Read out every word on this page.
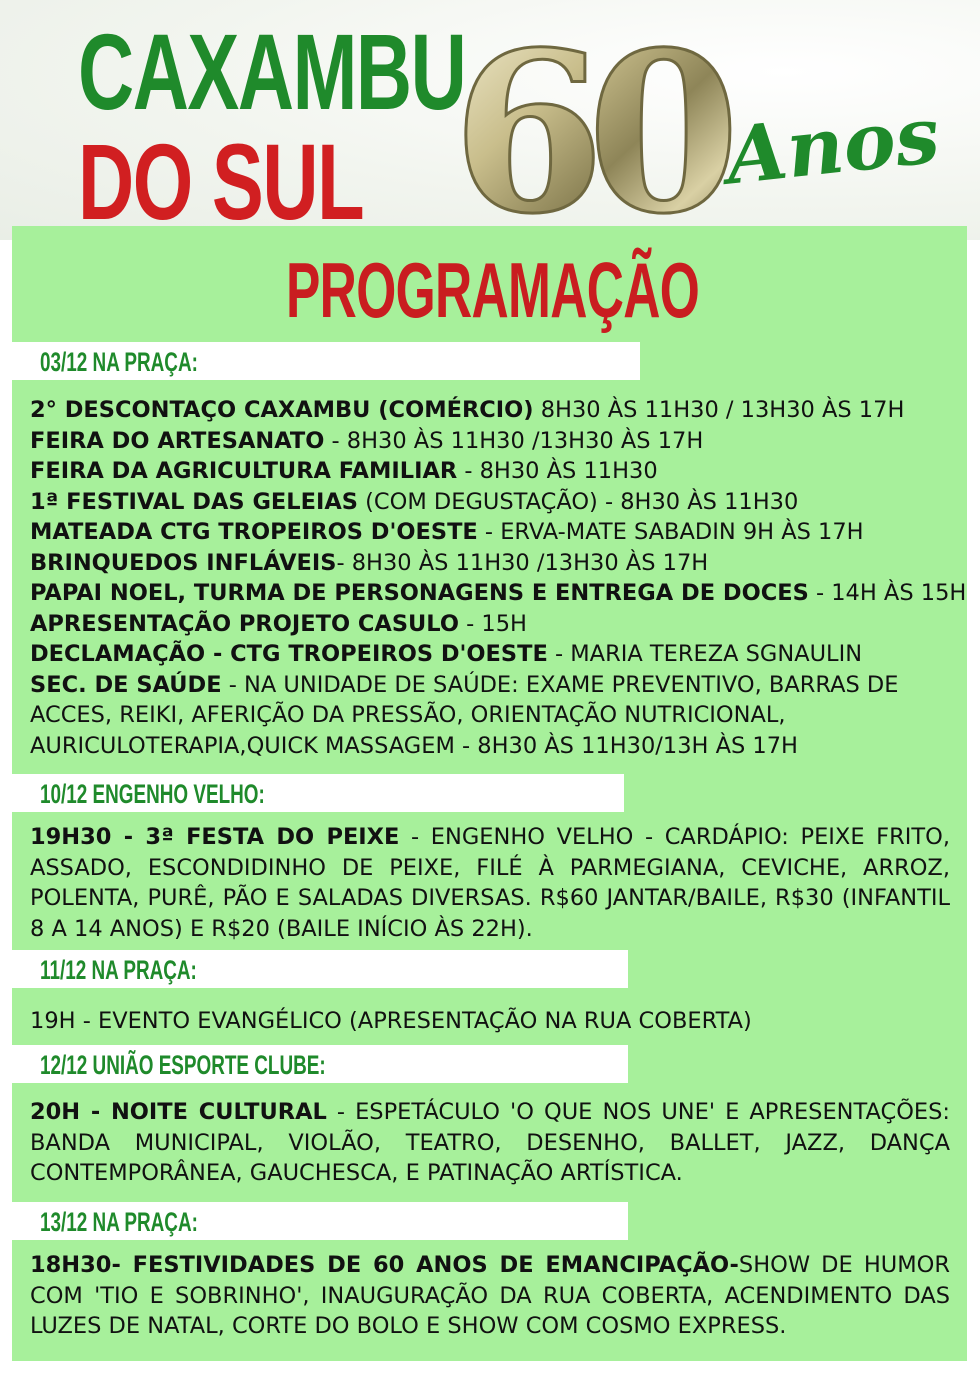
CAXAMBU
DO SUL 60 Anos
PROGRAMAÇÃO
03/12 NA PRAÇA:
2° DESCONTAÇO CAXAMBU (COMÉRCIO) 8H30 ÀS 11H30 / 13H30 ÀS 17H
FEIRA DO ARTESANATO - 8H30 ÀS 11H30 /13H30 ÀS 17H
FEIRA DA AGRICULTURA FAMILIAR - 8H30 ÀS 11H30
1ª FESTIVAL DAS GELEIAS (COM DEGUSTAÇÃO) - 8H30 ÀS 11H30
MATEADA CTG TROPEIROS D'OESTE - ERVA-MATE SABADIN 9H ÀS 17H
BRINQUEDOS INFLÁVEIS- 8H30 ÀS 11H30 /13H30 ÀS 17H
PAPAI NOEL, TURMA DE PERSONAGENS E ENTREGA DE DOCES - 14H ÀS 15H
APRESENTAÇÃO PROJETO CASULO - 15H
DECLAMAÇÃO - CTG TROPEIROS D'OESTE - MARIA TEREZA SGNAULIN
SEC. DE SAÚDE - NA UNIDADE DE SAÚDE: EXAME PREVENTIVO, BARRAS DE
ACCES, REIKI, AFERIÇÃO DA PRESSÃO, ORIENTAÇÃO NUTRICIONAL,
AURICULOTERAPIA,QUICK MASSAGEM - 8H30 ÀS 11H30/13H ÀS 17H
10/12 ENGENHO VELHO:
19H30 - 3ª FESTA DO PEIXE - ENGENHO VELHO - CARDÁPIO: PEIXE FRITO, ASSADO, ESCONDIDINHO DE PEIXE, FILÉ À PARMEGIANA, CEVICHE, ARROZ, POLENTA, PURÊ, PÃO E SALADAS DIVERSAS. R$60 JANTAR/BAILE, R$30 (INFANTIL 8 A 14 ANOS) E R$20 (BAILE INÍCIO ÀS 22H).
11/12 NA PRAÇA:
19H - EVENTO EVANGÉLICO (APRESENTAÇÃO NA RUA COBERTA)
12/12 UNIÃO ESPORTE CLUBE:
20H - NOITE CULTURAL - ESPETÁCULO 'O QUE NOS UNE' E APRESENTAÇÕES: BANDA MUNICIPAL, VIOLÃO, TEATRO, DESENHO, BALLET, JAZZ, DANÇA CONTEMPORÂNEA, GAUCHESCA, E PATINAÇÃO ARTÍSTICA.
13/12 NA PRAÇA:
18H30- FESTIVIDADES DE 60 ANOS DE EMANCIPAÇÃO-SHOW DE HUMOR COM 'TIO E SOBRINHO', INAUGURAÇÃO DA RUA COBERTA, ACENDIMENTO DAS LUZES DE NATAL, CORTE DO BOLO E SHOW COM COSMO EXPRESS.
